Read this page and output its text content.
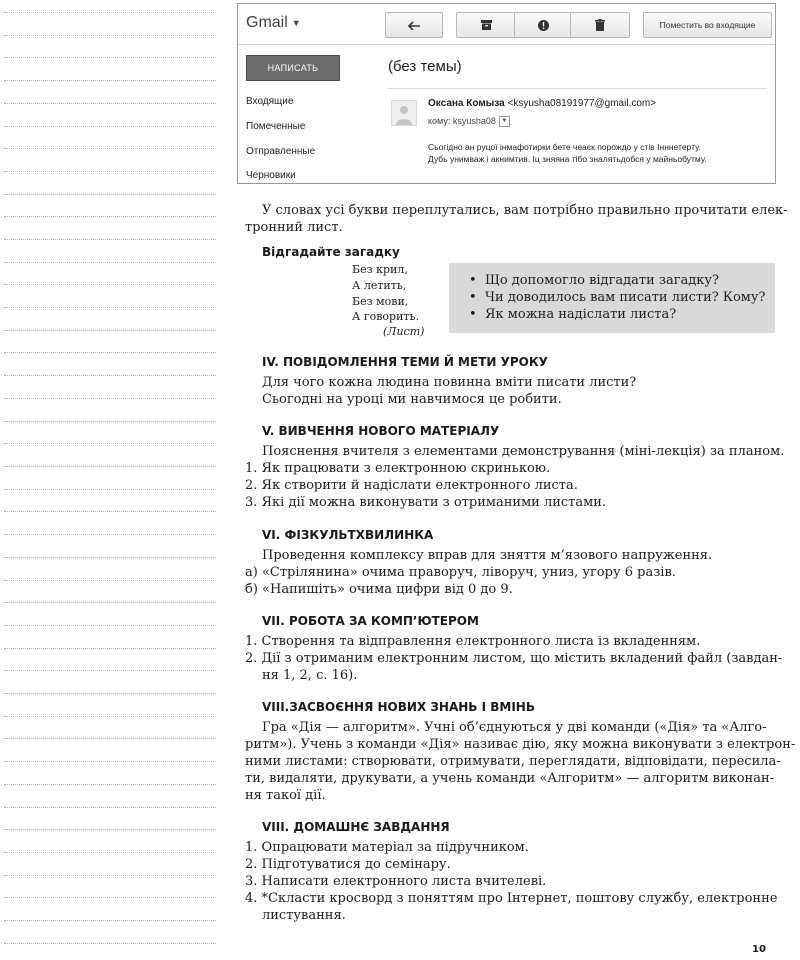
Gmail ▼	Поместить во входящие
НАПИСАТЬ
Входящие
Помеченные
Отправленные
Черновики
(без темы)
Оксана Комыза <ksyusha08191977@gmail.com>
кому: ksyusha08 ▼
Сьогідно ан руцої інмафотирки бете чеаєк порождо у стів Інннетерту.
Дубь унимваж і акнимтив. Іц зняяна тібо зналятьдобся у майньобутму.
У словах усі букви переплутались, вам потрібно правильно прочитати елек-
тронний лист.
Відгадайте загадку
Без крил,
А летить,
Без мови,
А говорить.
(Лист)
• Що допомогло відгадати загадку?
• Чи доводилось вам писати листи? Кому?
• Як можна надіслати листа?
IV. ПОВІДОМЛЕННЯ ТЕМИ Й МЕТИ УРОКУ
Для чого кожна людина повинна вміти писати листи?
Сьогодні на уроці ми навчимося це робити.
V. ВИВЧЕННЯ НОВОГО МАТЕРІАЛУ
Пояснення вчителя з елементами демонстрування (міні-лекція) за планом.
1. Як працювати з електронною скринькою.
2. Як створити й надіслати електронного листа.
3. Які дії можна виконувати з отриманими листами.
VI. ФІЗКУЛЬТХВИЛИНКА
Проведення комплексу вправ для зняття м’язового напруження.
а) «Стрілянина» очима праворуч, ліворуч, униз, угору 6 разів.
б) «Напишіть» очима цифри від 0 до 9.
VII. РОБОТА ЗА КОМП’ЮТЕРОМ
1. Створення та відправлення електронного листа із вкладенням.
2. Дії з отриманим електронним листом, що містить вкладений файл (завдан-
ня 1, 2, с. 16).
VIII.ЗАСВОЄННЯ НОВИХ ЗНАНЬ І ВМІНЬ
Гра «Дія — алгоритм». Учні об’єднуються у дві команди («Дія» та «Алго-
ритм»). Учень з команди «Дія» називає дію, яку можна виконувати з електрон-
ними листами: створювати, отримувати, переглядати, відповідати, пересила-
ти, видаляти, друкувати, а учень команди «Алгоритм» — алгоритм виконан-
ня такої дії.
VIII. ДОМАШНЄ ЗАВДАННЯ
1. Опрацювати матеріал за підручником.
2. Підготуватися до семінару.
3. Написати електронного листа вчителеві.
4. *Скласти кросворд з поняттям про Інтернет, поштову службу, електронне
листування.
10
